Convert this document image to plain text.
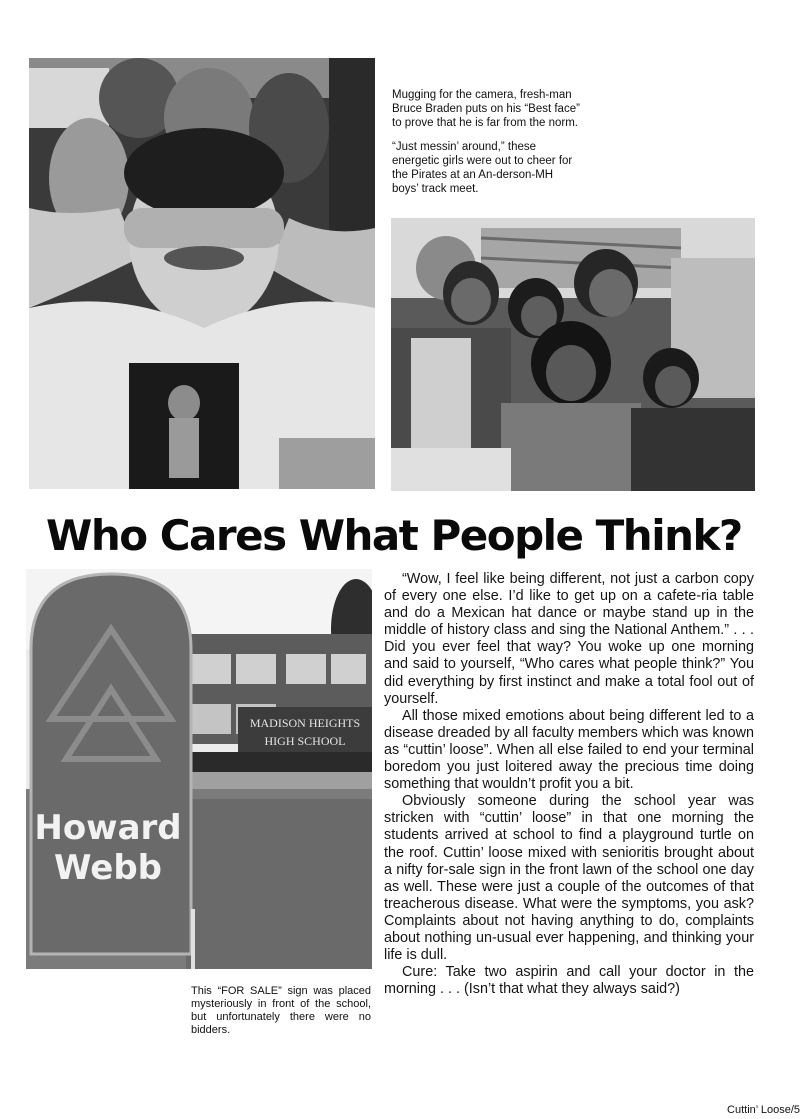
Mugging for the camera, fresh-man Bruce Braden puts on his “Best face” to prove that he is far from the norm.

“Just messin’ around,” these energetic girls were out to cheer for the Pirates at an An-derson-MH boys’ track meet.

Who Cares What People Think?
MADISON HEIGHTS
HIGH SCHOOL
Howard
Webb

“Wow, I feel like being different, not just a carbon copy of every one else. I’d like to get up on a cafete-ria table and do a Mexican hat dance or maybe stand up in the middle of history class and sing the National Anthem.” . . . Did you ever feel that way? You woke up one morning and said to yourself, “Who cares what people think?” You did everything by first instinct and make a total fool out of yourself.

All those mixed emotions about being different led to a disease dreaded by all faculty members which was known as “cuttin’ loose”. When all else failed to end your terminal boredom you just loitered away the precious time doing something that wouldn’t profit you a bit.

Obviously someone during the school year was stricken with “cuttin’ loose” in that one morning the students arrived at school to find a playground turtle on the roof. Cuttin’ loose mixed with senioritis brought about a nifty for-sale sign in the front lawn of the school one day as well. These were just a couple of the outcomes of that treacherous disease. What were the symptoms, you ask? Complaints about not having anything to do, complaints about nothing un-usual ever happening, and thinking your life is dull.

Cure: Take two aspirin and call your doctor in the morning . . . (Isn’t that what they always said?)

This “FOR SALE” sign was placed mysteriously in front of the school, but unfortunately there were no bidders.
Cuttin’ Loose/5
